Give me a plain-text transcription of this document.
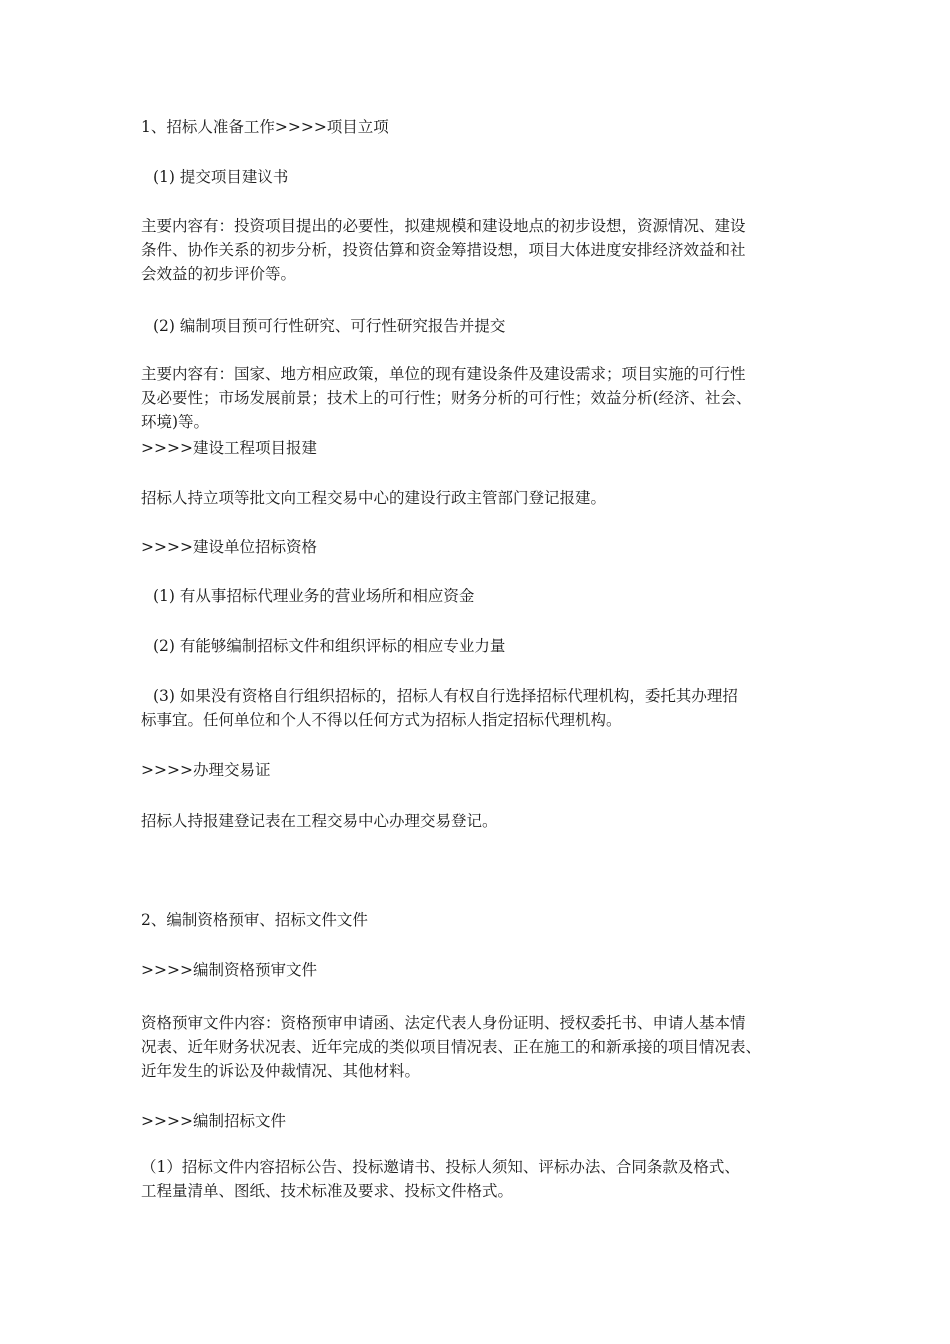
1、招标人准备工作>>>>项目立项

(1) 提交项目建议书

主要内容有：投资项目提出的必要性，拟建规模和建设地点的初步设想，资源情况、建设
条件、协作关系的初步分析，投资估算和资金筹措设想，项目大体进度安排经济效益和社
会效益的初步评价等。

(2) 编制项目预可行性研究、可行性研究报告并提交

主要内容有：国家、地方相应政策，单位的现有建设条件及建设需求；项目实施的可行性
及必要性；市场发展前景；技术上的可行性；财务分析的可行性；效益分析(经济、社会、
环境)等。

>>>>建设工程项目报建

招标人持立项等批文向工程交易中心的建设行政主管部门登记报建。

>>>>建设单位招标资格

(1) 有从事招标代理业务的营业场所和相应资金

(2) 有能够编制招标文件和组织评标的相应专业力量

(3) 如果没有资格自行组织招标的，招标人有权自行选择招标代理机构，委托其办理招
标事宜。任何单位和个人不得以任何方式为招标人指定招标代理机构。

>>>>办理交易证

招标人持报建登记表在工程交易中心办理交易登记。

2、编制资格预审、招标文件文件

>>>>编制资格预审文件

资格预审文件内容：资格预审申请函、法定代表人身份证明、授权委托书、申请人基本情
况表、近年财务状况表、近年完成的类似项目情况表、正在施工的和新承接的项目情况表、
近年发生的诉讼及仲裁情况、其他材料。

>>>>编制招标文件

（1）招标文件内容招标公告、投标邀请书、投标人须知、评标办法、合同条款及格式、
工程量清单、图纸、技术标准及要求、投标文件格式。
